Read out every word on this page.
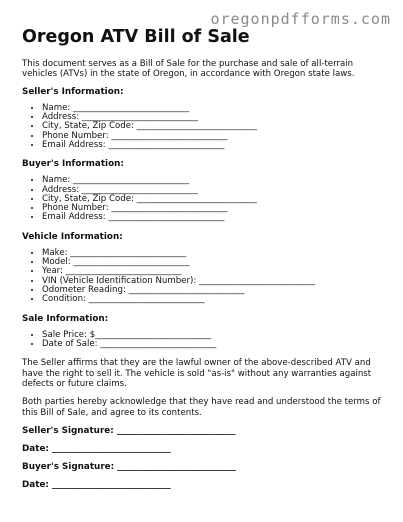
oregonpdfforms.com
Oregon ATV Bill of Sale

This document serves as a Bill of Sale for the purchase and sale of all-terrain vehicles (ATVs) in the state of Oregon, in accordance with Oregon state laws.

Seller's Information:
• Name: ___________________________
• Address: ___________________________
• City, State, Zip Code: ____________________________
• Phone Number: ___________________________
• Email Address: ___________________________
Buyer's Information:
• Name: ___________________________
• Address: ___________________________
• City, State, Zip Code: ____________________________
• Phone Number: ___________________________
• Email Address: ___________________________
Vehicle Information:
• Make: ___________________________
• Model: ___________________________
• Year: ___________________________
• VIN (Vehicle Identification Number): ___________________________
• Odometer Reading: ___________________________
• Condition: ___________________________
Sale Information:
• Sale Price: $___________________________
• Date of Sale: ___________________________

The Seller affirms that they are the lawful owner of the above-described ATV and have the right to sell it. The vehicle is sold "as-is" without any warranties against defects or future claims.

Both parties hereby acknowledge that they have read and understood the terms of this Bill of Sale, and agree to its contents.

Seller's Signature: ___________________________
Date: ___________________________
Buyer's Signature: ___________________________
Date: ___________________________
